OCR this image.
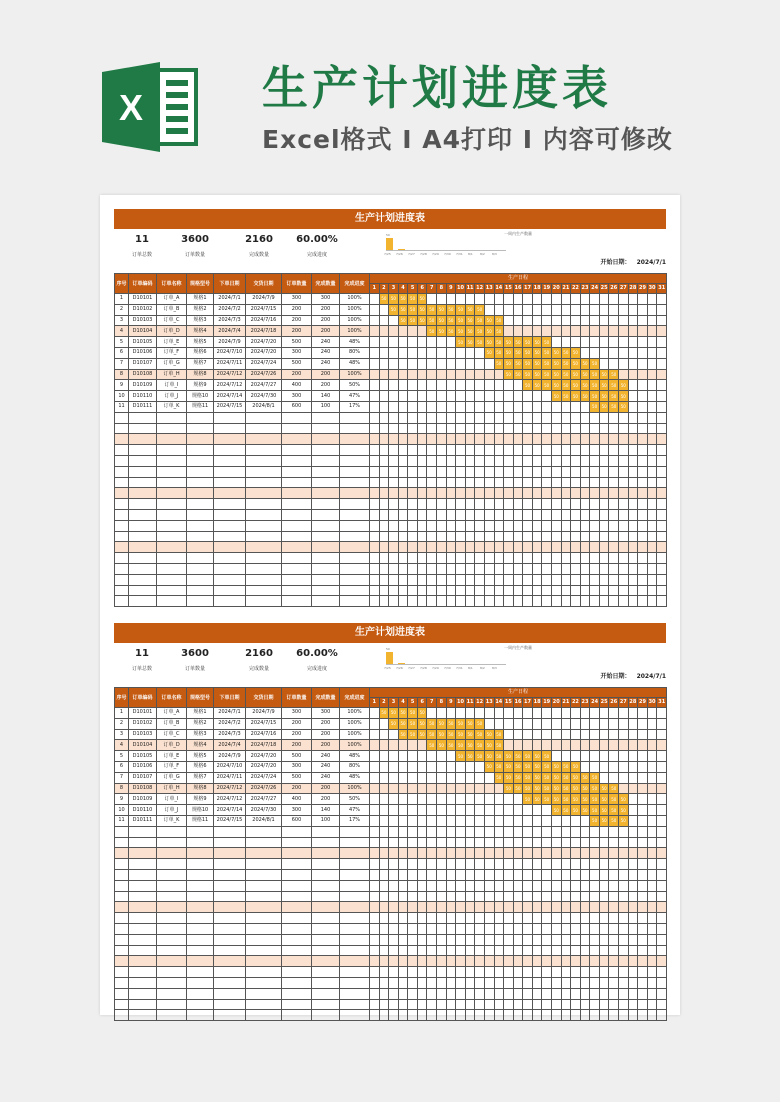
X	生产计划进度表
Excel格式 I A4打印 I 内容可修改
生产计划进度表
11
订单总数
3600
订单数量
2160
完成数量
60.00%
完成进度
一周内生产数量
7/25
50
7/26 7/27 7/28 7/29 7/30 7/31 8/1 8/2 8/3
开始日期： 2024/7/1
序号	订单编码	订单名称	规格型号	下单日期	交货日期	订单数量	完成数量	完成进度	生产日程																														
									1	2	3	4	5	6	7	8	9	10	11	12	13	14	15	16	17	18	19	20	21	22	23	24	25	26	27	28	29	30	31
1	D10101	订单_A	规格1	2024/7/1	2024/7/9	300	300	100%		50	50	50	50	50																									
2	D10102	订单_B	规格2	2024/7/2	2024/7/15	200	200	100%			50	50	50	50	50	50	50	50	50	50																			
3	D10103	订单_C	规格3	2024/7/3	2024/7/16	200	200	100%				50	50	50	50	50	50	50	50	50	50	50																	
4	D10104	订单_D	规格4	2024/7/4	2024/7/18	200	200	100%							50	50	50	50	50	50	50	50																	
5	D10105	订单_E	规格5	2024/7/9	2024/7/20	500	240	48%										50	50	50	50	50	50	50	50	50	50												
6	D10106	订单_F	规格6	2024/7/10	2024/7/20	300	240	80%													50	50	50	50	50	50	50	50	50	50									
7	D10107	订单_G	规格7	2024/7/11	2024/7/24	500	240	48%														50	50	50	50	50	50	50	50	50	50	50							
8	D10108	订单_H	规格8	2024/7/12	2024/7/26	200	200	100%															50	50	50	50	50	50	50	50	50	50	50	50					
9	D10109	订单_I	规格9	2024/7/12	2024/7/27	400	200	50%																	50	50	50	50	50	50	50	50	50	50	50				
10	D10110	订单_J	规格10	2024/7/14	2024/7/30	300	140	47%																				50	50	50	50	50	50	50	50				
11	D10111	订单_K	规格11	2024/7/15	2024/8/1	600	100	17%																								50	50	50	50				

生产计划进度表
11
订单总数
3600
订单数量
2160
完成数量
60.00%
完成进度
一周内生产数量
7/25
50
7/26 7/27 7/28 7/29 7/30 7/31 8/1 8/2 8/3
开始日期： 2024/7/1
序号	订单编码	订单名称	规格型号	下单日期	交货日期	订单数量	完成数量	完成进度	生产日程																														
									1	2	3	4	5	6	7	8	9	10	11	12	13	14	15	16	17	18	19	20	21	22	23	24	25	26	27	28	29	30	31
1	D10101	订单_A	规格1	2024/7/1	2024/7/9	300	300	100%		50	50	50	50	50																									
2	D10102	订单_B	规格2	2024/7/2	2024/7/15	200	200	100%			50	50	50	50	50	50	50	50	50	50																			
3	D10103	订单_C	规格3	2024/7/3	2024/7/16	200	200	100%				50	50	50	50	50	50	50	50	50	50	50																	
4	D10104	订单_D	规格4	2024/7/4	2024/7/18	200	200	100%							50	50	50	50	50	50	50	50																	
5	D10105	订单_E	规格5	2024/7/9	2024/7/20	500	240	48%										50	50	50	50	50	50	50	50	50	50												
6	D10106	订单_F	规格6	2024/7/10	2024/7/20	300	240	80%													50	50	50	50	50	50	50	50	50	50									
7	D10107	订单_G	规格7	2024/7/11	2024/7/24	500	240	48%														50	50	50	50	50	50	50	50	50	50	50							
8	D10108	订单_H	规格8	2024/7/12	2024/7/26	200	200	100%															50	50	50	50	50	50	50	50	50	50	50	50					
9	D10109	订单_I	规格9	2024/7/12	2024/7/27	400	200	50%																	50	50	50	50	50	50	50	50	50	50	50				
10	D10110	订单_J	规格10	2024/7/14	2024/7/30	300	140	47%																				50	50	50	50	50	50	50	50				
11	D10111	订单_K	规格11	2024/7/15	2024/8/1	600	100	17%																								50	50	50	50				
